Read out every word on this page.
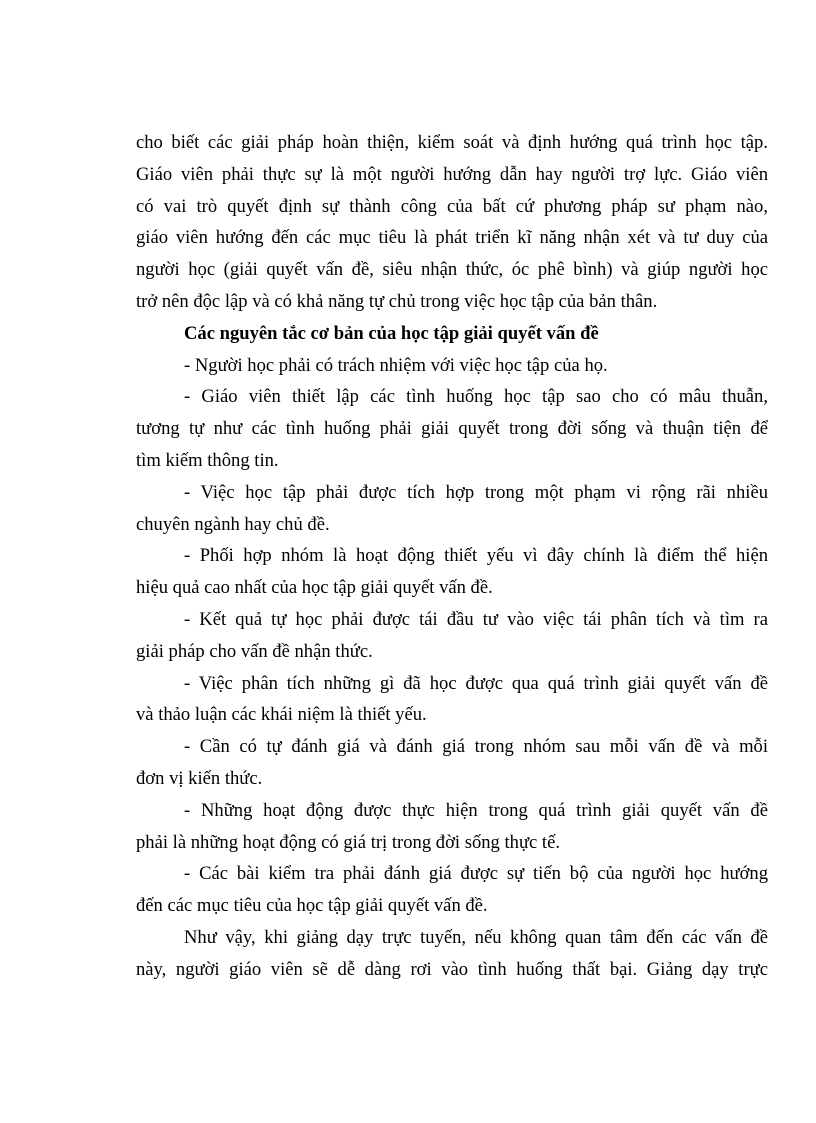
cho biết các giải pháp hoàn thiện, kiểm soát và định hướng quá trình học tập.
Giáo viên phải thực sự là một người hướng dẫn hay người trợ lực. Giáo viên
có vai trò quyết định sự thành công của bất cứ phương pháp sư phạm nào,
giáo viên hướng đến các mục tiêu là phát triển kĩ năng nhận xét và tư duy của
người học (giải quyết vấn đề, siêu nhận thức, óc phê bình) và giúp người học
trở nên độc lập và có khả năng tự chủ trong việc học tập của bản thân.
Các nguyên tắc cơ bản của học tập giải quyết vấn đề
- Người học phải có trách nhiệm với việc học tập của họ.
- Giáo viên thiết lập các tình huống học tập sao cho có mâu thuẫn,
tương tự như các tình huống phải giải quyết trong đời sống và thuận tiện để
tìm kiếm thông tin.
- Việc học tập phải được tích hợp trong một phạm vi rộng rãi nhiều
chuyên ngành hay chủ đề.
- Phối hợp nhóm là hoạt động thiết yếu vì đây chính là điểm thể hiện
hiệu quả cao nhất của học tập giải quyết vấn đề.
- Kết quả tự học phải được tái đầu tư vào việc tái phân tích và tìm ra
giải pháp cho vấn đề nhận thức.
- Việc phân tích những gì đã học được qua quá trình giải quyết vấn đề
và thảo luận các khái niệm là thiết yếu.
- Cần có tự đánh giá và đánh giá trong nhóm sau mỗi vấn đề và mỗi
đơn vị kiến thức.
- Những hoạt động được thực hiện trong quá trình giải quyết vấn đề
phải là những hoạt động có giá trị trong đời sống thực tế.
- Các bài kiểm tra phải đánh giá được sự tiến bộ của người học hướng
đến các mục tiêu của học tập giải quyết vấn đề.
Như vậy, khi giảng dạy trực tuyến, nếu không quan tâm đến các vấn đề
này, người giáo viên sẽ dễ dàng rơi vào tình huống thất bại. Giảng dạy trực
